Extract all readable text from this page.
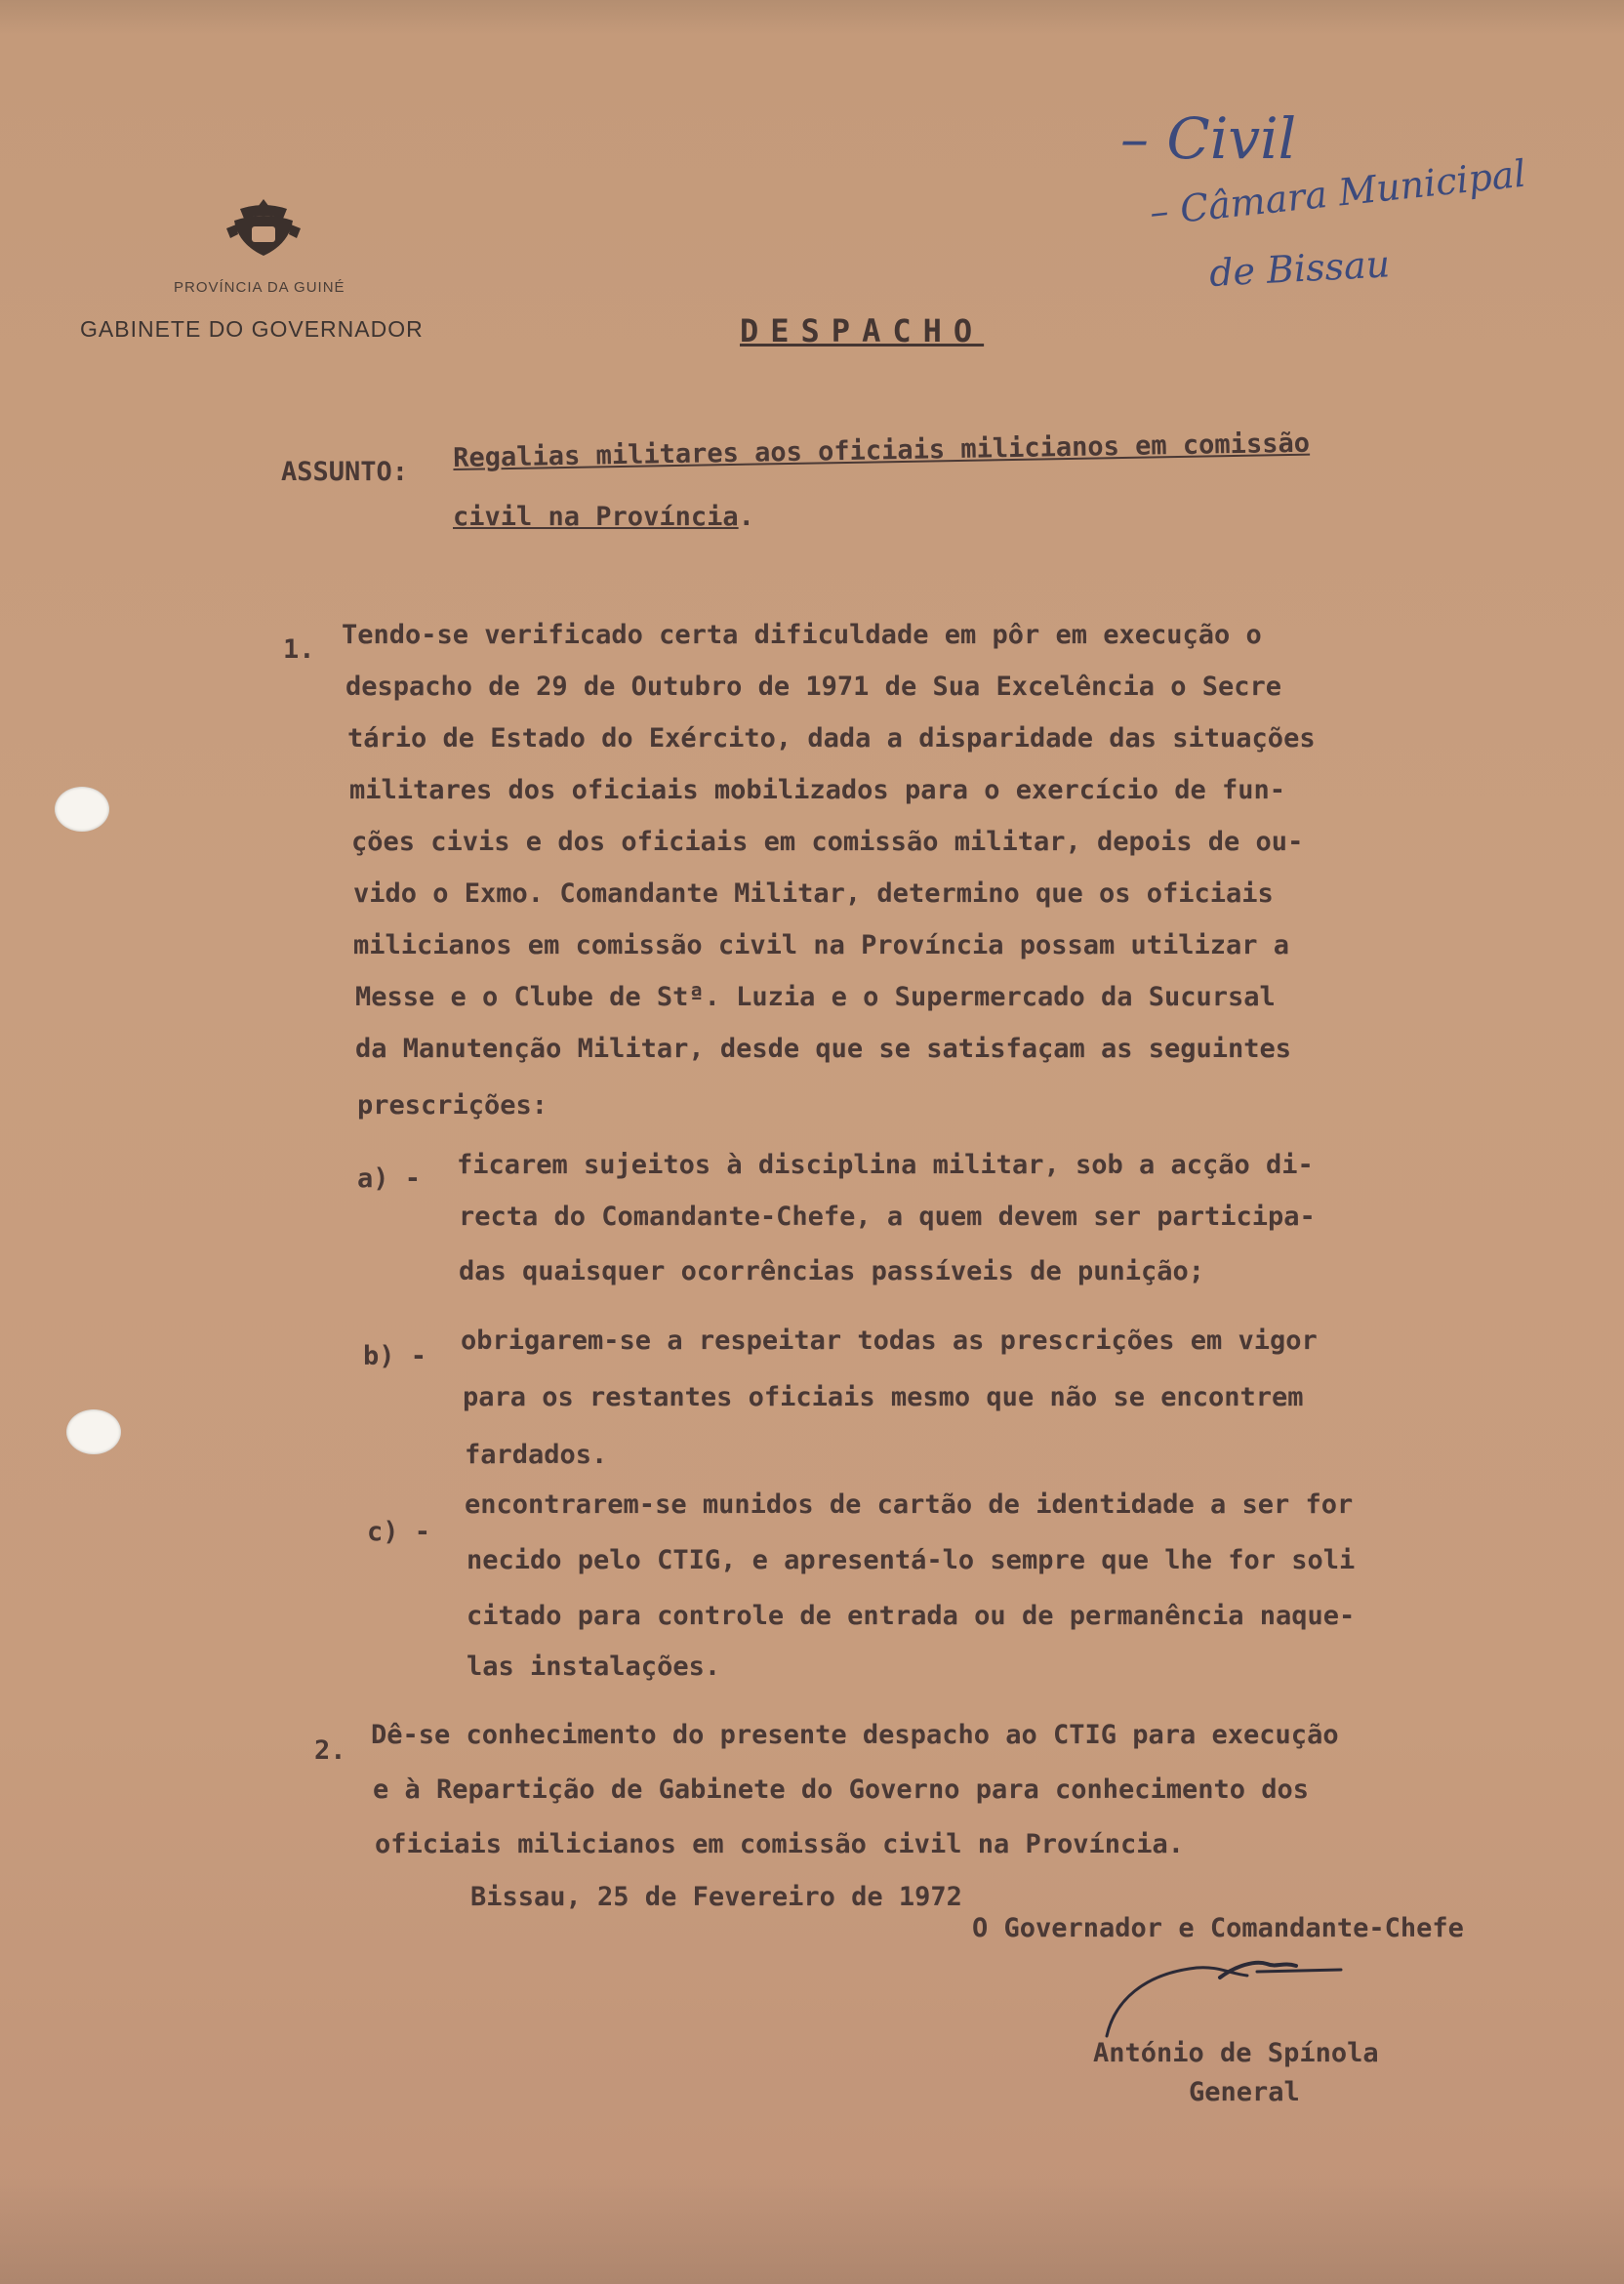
PROVÍNCIA DA GUINÉ
GABINETE DO GOVERNADOR
– Civil
– Câmara Municipal
de Bissau
DESPACHO
ASSUNTO: Regalias militares aos oficiais milicianos em comissão
civil na Província.
1. Tendo-se verificado certa dificuldade em pôr em execução o
despacho de 29 de Outubro de 1971 de Sua Excelência o Secre
tário de Estado do Exército, dada a disparidade das situações
militares dos oficiais mobilizados para o exercício de fun-
ções civis e dos oficiais em comissão militar, depois de ou-
vido o Exmo. Comandante Militar, determino que os oficiais
milicianos em comissão civil na Província possam utilizar a
Messe e o Clube de Stª. Luzia e o Supermercado da Sucursal
da Manutenção Militar, desde que se satisfaçam as seguintes
prescrições:
a) - ficarem sujeitos à disciplina militar, sob a acção di-
recta do Comandante-Chefe, a quem devem ser participa-
das quaisquer ocorrências passíveis de punição;
b) -
obrigarem-se a respeitar todas as prescrições em vigor
para os restantes oficiais mesmo que não se encontrem
fardados.
c) -
encontrarem-se munidos de cartão de identidade a ser for
necido pelo CTIG, e apresentá-lo sempre que lhe for soli
citado para controle de entrada ou de permanência naque-
las instalações.
2.
Dê-se conhecimento do presente despacho ao CTIG para execução
e à Repartição de Gabinete do Governo para conhecimento dos
oficiais milicianos em comissão civil na Província.
Bissau, 25 de Fevereiro de 1972
O Governador e Comandante-Chefe
António de Spínola
General
